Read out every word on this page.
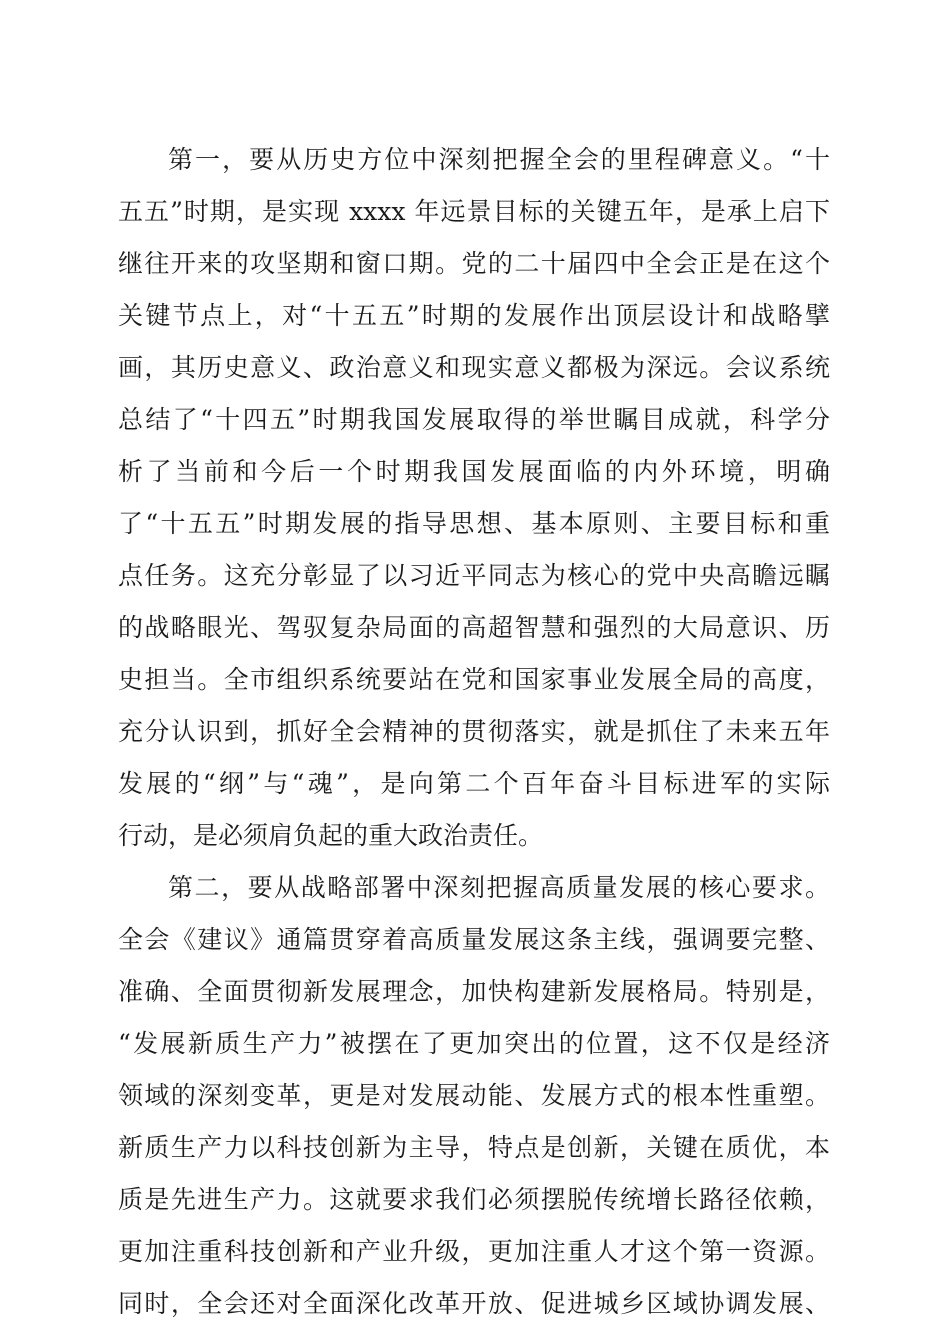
第一，要从历史方位中深刻把握全会的里程碑意义。“十
五五”时期，是实现 xxxx 年远景目标的关键五年，是承上启下
继往开来的攻坚期和窗口期。党的二十届四中全会正是在这个
关键节点上，对“十五五”时期的发展作出顶层设计和战略擘
画，其历史意义、政治意义和现实意义都极为深远。会议系统
总结了“十四五”时期我国发展取得的举世瞩目成就，科学分
析了当前和今后一个时期我国发展面临的内外环境，明确
了“十五五”时期发展的指导思想、基本原则、主要目标和重
点任务。这充分彰显了以习近平同志为核心的党中央高瞻远瞩
的战略眼光、驾驭复杂局面的高超智慧和强烈的大局意识、历
史担当。全市组织系统要站在党和国家事业发展全局的高度，
充分认识到，抓好全会精神的贯彻落实，就是抓住了未来五年
发展的“纲”与“魂”，是向第二个百年奋斗目标进军的实际
行动，是必须肩负起的重大政治责任。
第二，要从战略部署中深刻把握高质量发展的核心要求。
全会《建议》通篇贯穿着高质量发展这条主线，强调要完整、
准确、全面贯彻新发展理念，加快构建新发展格局。特别是，
“发展新质生产力”被摆在了更加突出的位置，这不仅是经济
领域的深刻变革，更是对发展动能、发展方式的根本性重塑。
新质生产力以科技创新为主导，特点是创新，关键在质优，本
质是先进生产力。这就要求我们必须摆脱传统增长路径依赖，
更加注重科技创新和产业升级，更加注重人才这个第一资源。
同时，全会还对全面深化改革开放、促进城乡区域协调发展、
